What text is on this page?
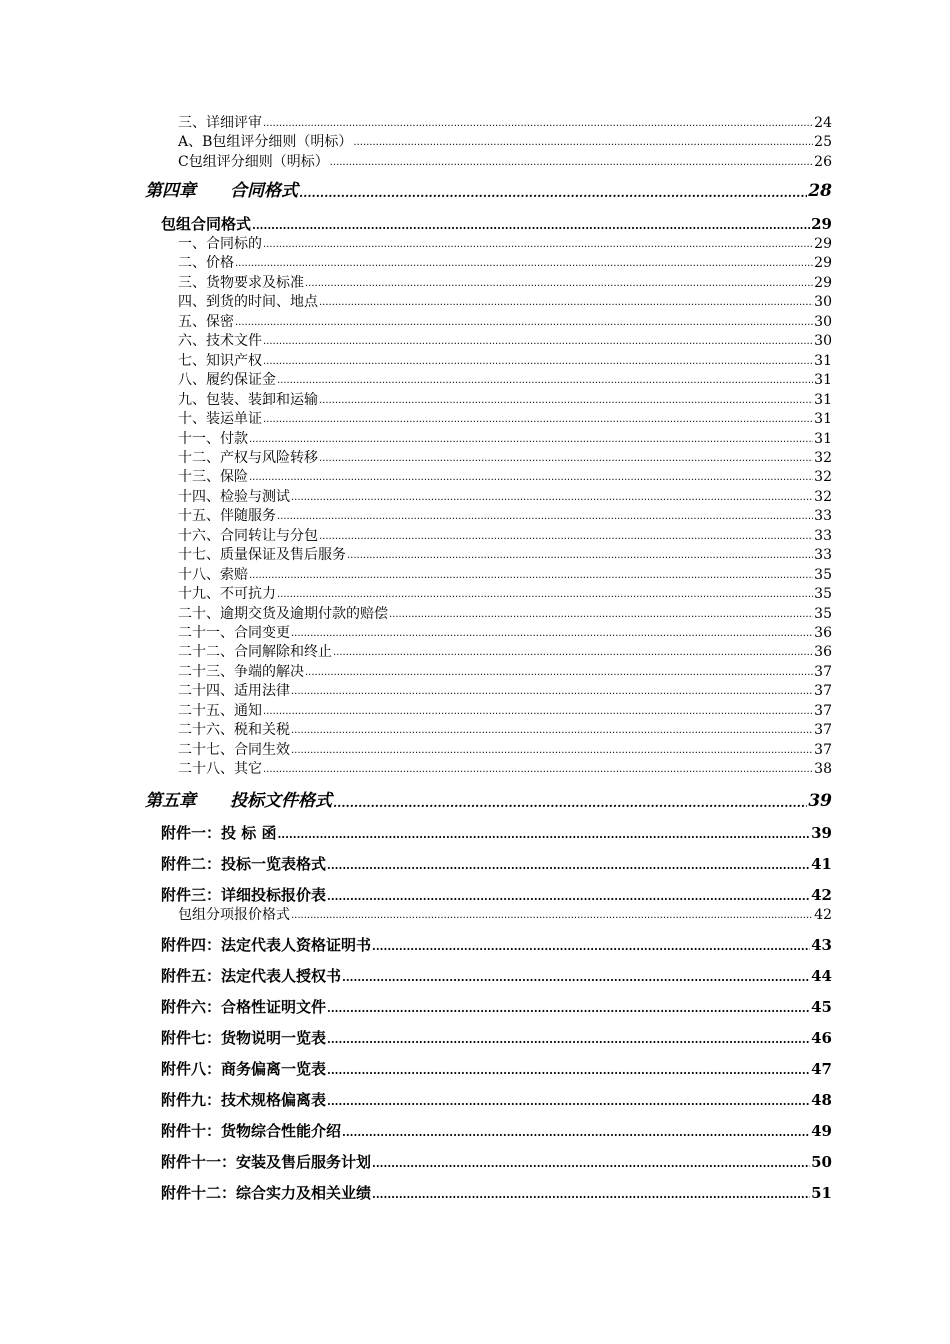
三、详细评审 .....	24
A、B包组评分细则（明标） .....	25
C包组评分细则（明标） .....	26
第四章 合同格式 .....	28
包组合同格式 .....	29
一、合同标的 .....	29
二、价格 .....	29
三、货物要求及标准 .....	29
四、到货的时间、地点 .....	30
五、保密 .....	30
六、技术文件 .....	30
七、知识产权 .....	31
八、履约保证金 .....	31
九、包装、装卸和运输 .....	31
十、装运单证 .....	31
十一、付款 .....	31
十二、产权与风险转移 .....	32
十三、保险 .....	32
十四、检验与测试 .....	32
十五、伴随服务 .....	33
十六、合同转让与分包 .....	33
十七、质量保证及售后服务 .....	33
十八、索赔 .....	35
十九、不可抗力 .....	35
二十、逾期交货及逾期付款的赔偿 .....	35
二十一、合同变更 .....	36
二十二、合同解除和终止 .....	36
二十三、争端的解决 .....	37
二十四、适用法律 .....	37
二十五、通知 .....	37
二十六、税和关税 .....	37
二十七、合同生效 .....	37
二十八、其它 .....	38
第五章 投标文件格式 .....	39
附件一：投 标 函 .....	39
附件二：投标一览表格式 .....	41
附件三：详细投标报价表 .....	42
包组分项报价格式 .....	42
附件四：法定代表人资格证明书 .....	43
附件五：法定代表人授权书 .....	44
附件六：合格性证明文件 .....	45
附件七：货物说明一览表 .....	46
附件八：商务偏离一览表 .....	47
附件九：技术规格偏离表 .....	48
附件十：货物综合性能介绍 .....	49
附件十一：安装及售后服务计划 .....	50
附件十二：综合实力及相关业绩 .....	51
